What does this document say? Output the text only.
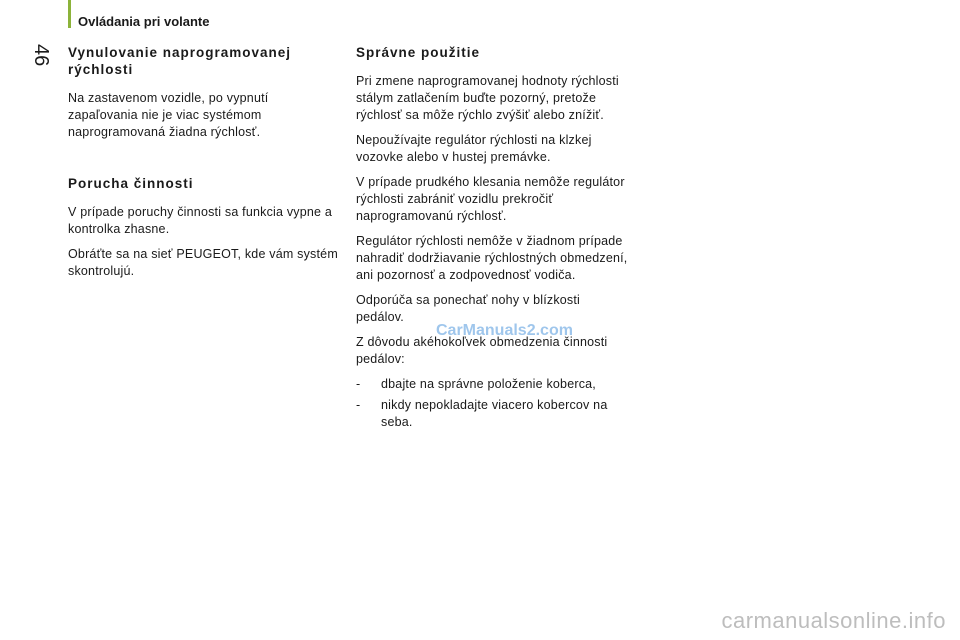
Ovládania pri volante
46 Vynulovanie naprogramovanej rýchlosti

Na zastavenom vozidle, po vypnutí zapaľovania nie je viac systémom naprogramovaná žiadna rýchlosť.

Porucha činnosti

V prípade poruchy činnosti sa funkcia vypne a kontrolka zhasne.

Obráťte sa na sieť PEUGEOT, kde vám systém skontrolujú.

Správne použitie

Pri zmene naprogramovanej hodnoty rýchlosti stálym zatlačením buďte pozorný, pretože rýchlosť sa môže rýchlo zvýšiť alebo znížiť.

Nepoužívajte regulátor rýchlosti na klzkej vozovke alebo v hustej premávke.

V prípade prudkého klesania nemôže regulátor rýchlosti zabrániť vozidlu prekročiť naprogramovanú rýchlosť.

Regulátor rýchlosti nemôže v žiadnom prípade nahradiť dodržiavanie rýchlostných obmedzení, ani pozornosť a zodpovednosť vodiča.

Odporúča sa ponechať nohy v blízkosti pedálov.

Z dôvodu akéhokoľvek obmedzenia činnosti pedálov:

- dbajte na správne položenie koberca,
- nikdy nepokladajte viacero kobercov na seba.
CarManuals2.com
carmanualsonline.info
